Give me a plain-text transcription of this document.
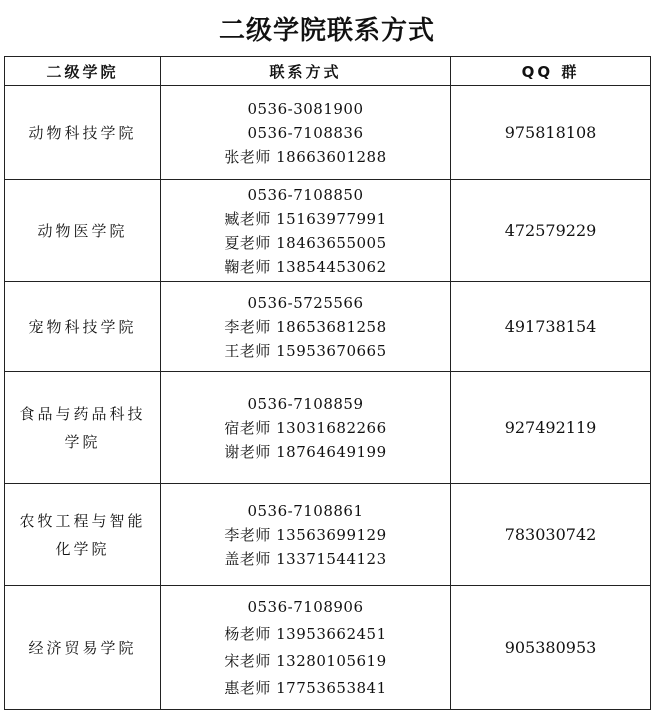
二级学院联系方式
二级学院	联系方式	QQ 群
动物科技学院	0536-3081900
0536-7108836
张老师 18663601288	975818108
动物医学院	0536-7108850
臧老师 15163977991
夏老师 18463655005
鞠老师 13854453062	472579229
宠物科技学院	0536-5725566
李老师 18653681258
王老师 15953670665	491738154
食品与药品科技学院	0536-7108859
宿老师 13031682266
谢老师 18764649199	927492119
农牧工程与智能化学院	0536-7108861
李老师 13563699129
盖老师 13371544123	783030742
经济贸易学院	0536-7108906
杨老师 13953662451
宋老师 13280105619
惠老师 17753653841	905380953
